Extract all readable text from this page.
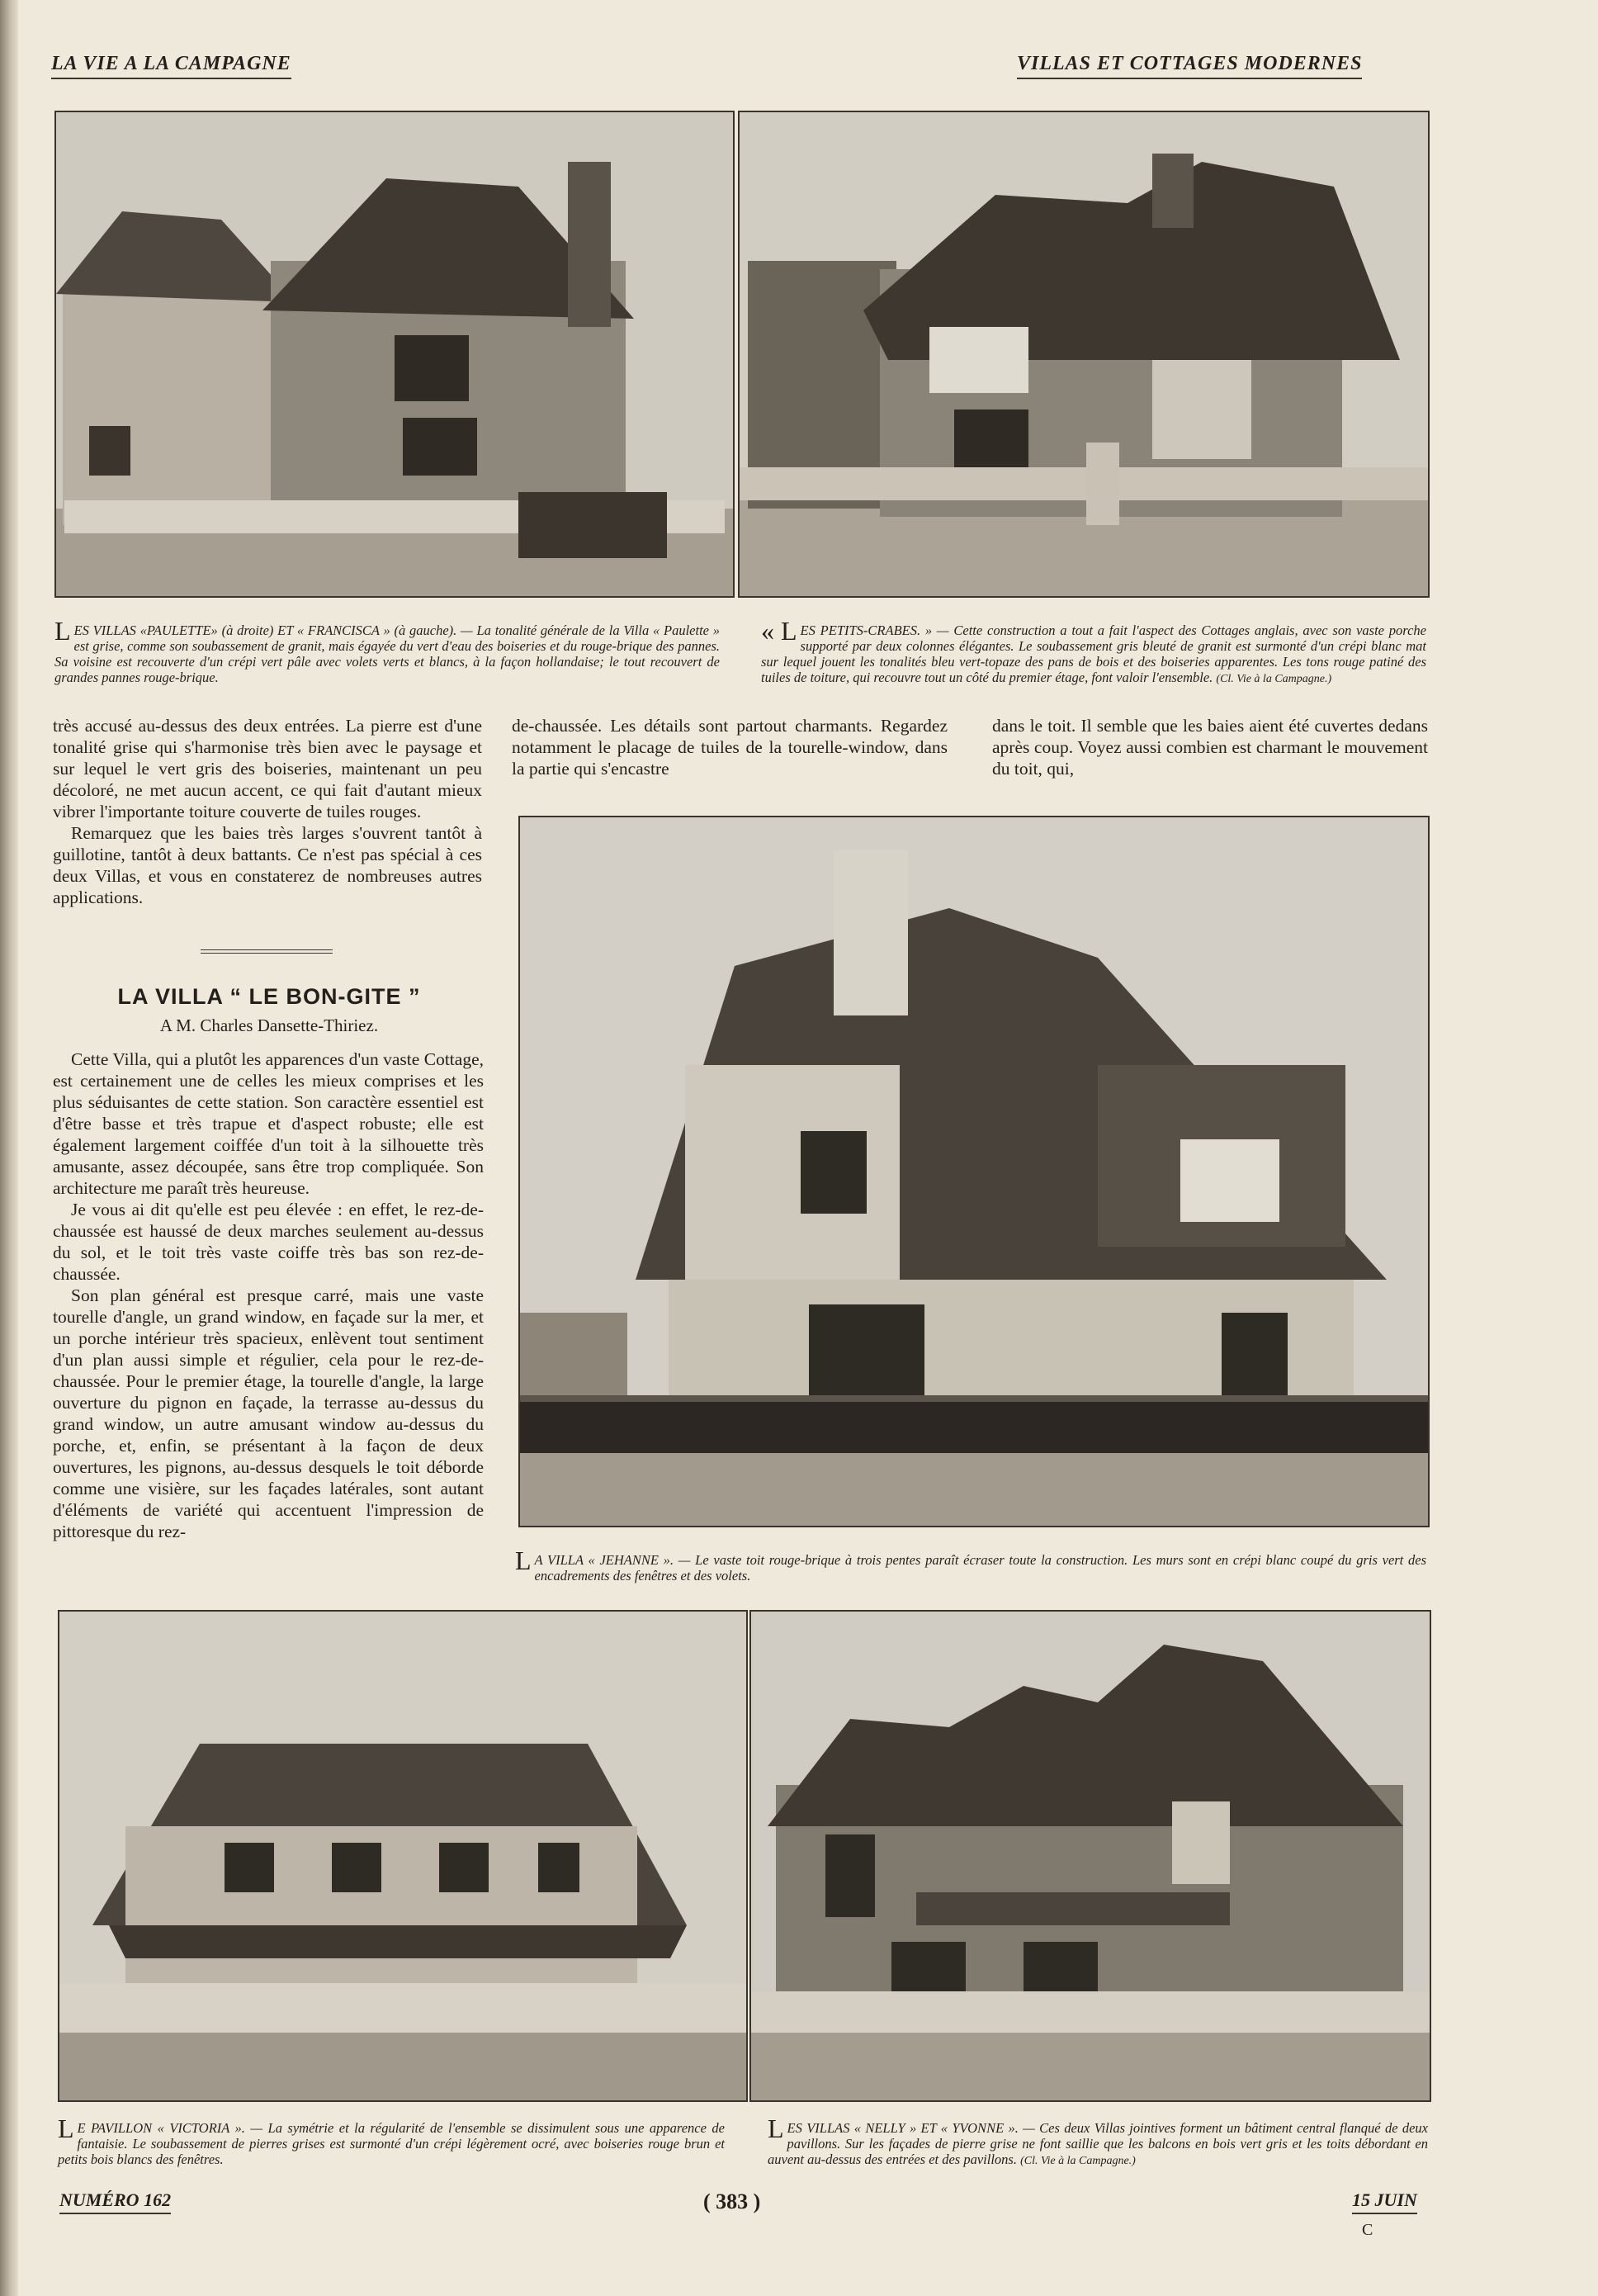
LA VIE A LA CAMPAGNE	VILLAS ET COTTAGES MODERNES
LES VILLAS «PAULETTE» (à droite) ET « FRANCISCA » (à gauche). — La tonalité générale de la Villa « Paulette » est grise, comme son soubassement de granit, mais égayée du vert d'eau des boiseries et du rouge-brique des pannes. Sa voisine est recouverte d'un crépi vert pâle avec volets verts et blancs, à la façon hollandaise; le tout recouvert de grandes pannes rouge-brique.
« L ES PETITS-CRABES. » — Cette construction a tout a fait l'aspect des Cottages anglais, avec son vaste porche supporté par deux colonnes élégantes. Le soubassement gris bleuté de granit est surmonté d'un crépi blanc mat sur lequel jouent les tonalités bleu vert-topaze des pans de bois et des boiseries apparentes. Les tons rouge patiné des tuiles de toiture, qui recouvre tout un côté du premier étage, font valoir l'ensemble. (Cl. Vie à la Campagne.)

très accusé au-dessus des deux entrées. La pierre est d'une tonalité grise qui s'harmonise très bien avec le paysage et sur lequel le vert gris des boiseries, maintenant un peu décoloré, ne met aucun accent, ce qui fait d'autant mieux vibrer l'importante toiture couverte de tuiles rouges.

Remarquez que les baies très larges s'ouvrent tantôt à guillotine, tantôt à deux battants. Ce n'est pas spécial à ces deux Villas, et vous en constaterez de nombreuses autres applications.

de-chaussée. Les détails sont partout charmants. Regardez notamment le placage de tuiles de la tourelle-window, dans la partie qui s'encastre

dans le toit. Il semble que les baies aient été cuvertes dedans après coup. Voyez aussi combien est charmant le mouvement du toit, qui,

LA VILLA “ LE BON-GITE ”
A M. Charles Dansette-Thiriez.

Cette Villa, qui a plutôt les apparences d'un vaste Cottage, est certainement une de celles les mieux comprises et les plus séduisantes de cette station. Son caractère essentiel est d'être basse et très trapue et d'aspect robuste; elle est également largement coiffée d'un toit à la silhouette très amusante, assez découpée, sans être trop compliquée. Son architecture me paraît très heureuse.

Je vous ai dit qu'elle est peu élevée : en effet, le rez-de-chaussée est haussé de deux marches seulement au-dessus du sol, et le toit très vaste coiffe très bas son rez-de-chaussée.

Son plan général est presque carré, mais une vaste tourelle d'angle, un grand window, en façade sur la mer, et un porche intérieur très spacieux, enlèvent tout sentiment d'un plan aussi simple et régulier, cela pour le rez-de-chaussée. Pour le premier étage, la tourelle d'angle, la large ouverture du pignon en façade, la terrasse au-dessus du grand window, un autre amusant window au-dessus du porche, et, enfin, se présentant à la façon de deux ouvertures, les pignons, au-dessus desquels le toit déborde comme une visière, sur les façades latérales, sont autant d'éléments de variété qui accentuent l'impression de pittoresque du rez-

L A VILLA « JEHANNE ». — Le vaste toit rouge-brique à trois pentes paraît écraser toute la construction. Les murs sont en crépi blanc coupé du gris vert des encadrements des fenêtres et des volets.
L E PAVILLON « VICTORIA ». — La symétrie et la régularité de l'ensemble se dissimulent sous une apparence de fantaisie. Le soubassement de pierres grises est surmonté d'un crépi légèrement ocré, avec boiseries rouge brun et petits bois blancs des fenêtres.
LES VILLAS « NELLY » ET « YVONNE ». — Ces deux Villas jointives forment un bâtiment central flanqué de deux pavillons. Sur les façades de pierre grise ne font saillie que les balcons en bois vert gris et les toits débordant en auvent au-dessus des entrées et des pavillons. (Cl. Vie à la Campagne.)
NUMÉRO 162	( 383 )	15 JUIN
C
